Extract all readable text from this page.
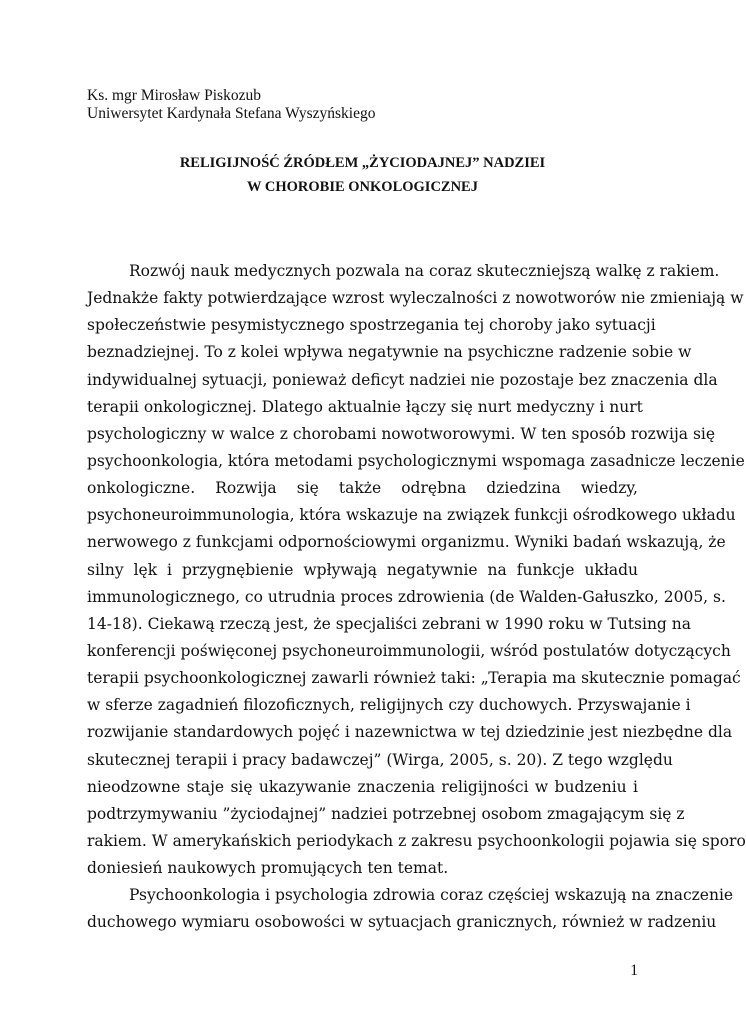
Ks. mgr Mirosław Piskozub
Uniwersytet Kardynała Stefana Wyszyńskiego
RELIGIJNOŚĆ ŹRÓDŁEM „ŻYCIODAJNEJ” NADZIEI
W CHOROBIE ONKOLOGICZNEJ
Rozwój nauk medycznych pozwala na coraz skuteczniejszą walkę z rakiem.
Jednakże fakty potwierdzające wzrost wyleczalności z nowotworów nie zmieniają w
społeczeństwie pesymistycznego spostrzegania tej choroby jako sytuacji
beznadziejnej. To z kolei wpływa negatywnie na psychiczne radzenie sobie w
indywidualnej sytuacji, ponieważ deficyt nadziei nie pozostaje bez znaczenia dla
terapii onkologicznej. Dlatego aktualnie łączy się nurt medyczny i nurt
psychologiczny w walce z chorobami nowotworowymi. W ten sposób rozwija się
psychoonkologia, która metodami psychologicznymi wspomaga zasadnicze leczenie
onkologiczne. Rozwija się także odrębna dziedzina wiedzy,
psychoneuroimmunologia, która wskazuje na związek funkcji ośrodkowego układu
nerwowego z funkcjami odpornościowymi organizmu. Wyniki badań wskazują, że
silny lęk i przygnębienie wpływają negatywnie na funkcje układu
immunologicznego, co utrudnia proces zdrowienia (de Walden-Gałuszko, 2005, s.
14-18). Ciekawą rzeczą jest, że specjaliści zebrani w 1990 roku w Tutsing na
konferencji poświęconej psychoneuroimmunologii, wśród postulatów dotyczących
terapii psychoonkologicznej zawarli również taki: „Terapia ma skutecznie pomagać
w sferze zagadnień filozoficznych, religijnych czy duchowych. Przyswajanie i
rozwijanie standardowych pojęć i nazewnictwa w tej dziedzinie jest niezbędne dla
skutecznej terapii i pracy badawczej” (Wirga, 2005, s. 20). Z tego względu
nieodzowne staje się ukazywanie znaczenia religijności w budzeniu i
podtrzymywaniu ”życiodajnej” nadziei potrzebnej osobom zmagającym się z
rakiem. W amerykańskich periodykach z zakresu psychoonkologii pojawia się sporo
doniesień naukowych promujących ten temat.
Psychoonkologia i psychologia zdrowia coraz częściej wskazują na znaczenie
duchowego wymiaru osobowości w sytuacjach granicznych, również w radzeniu
1
